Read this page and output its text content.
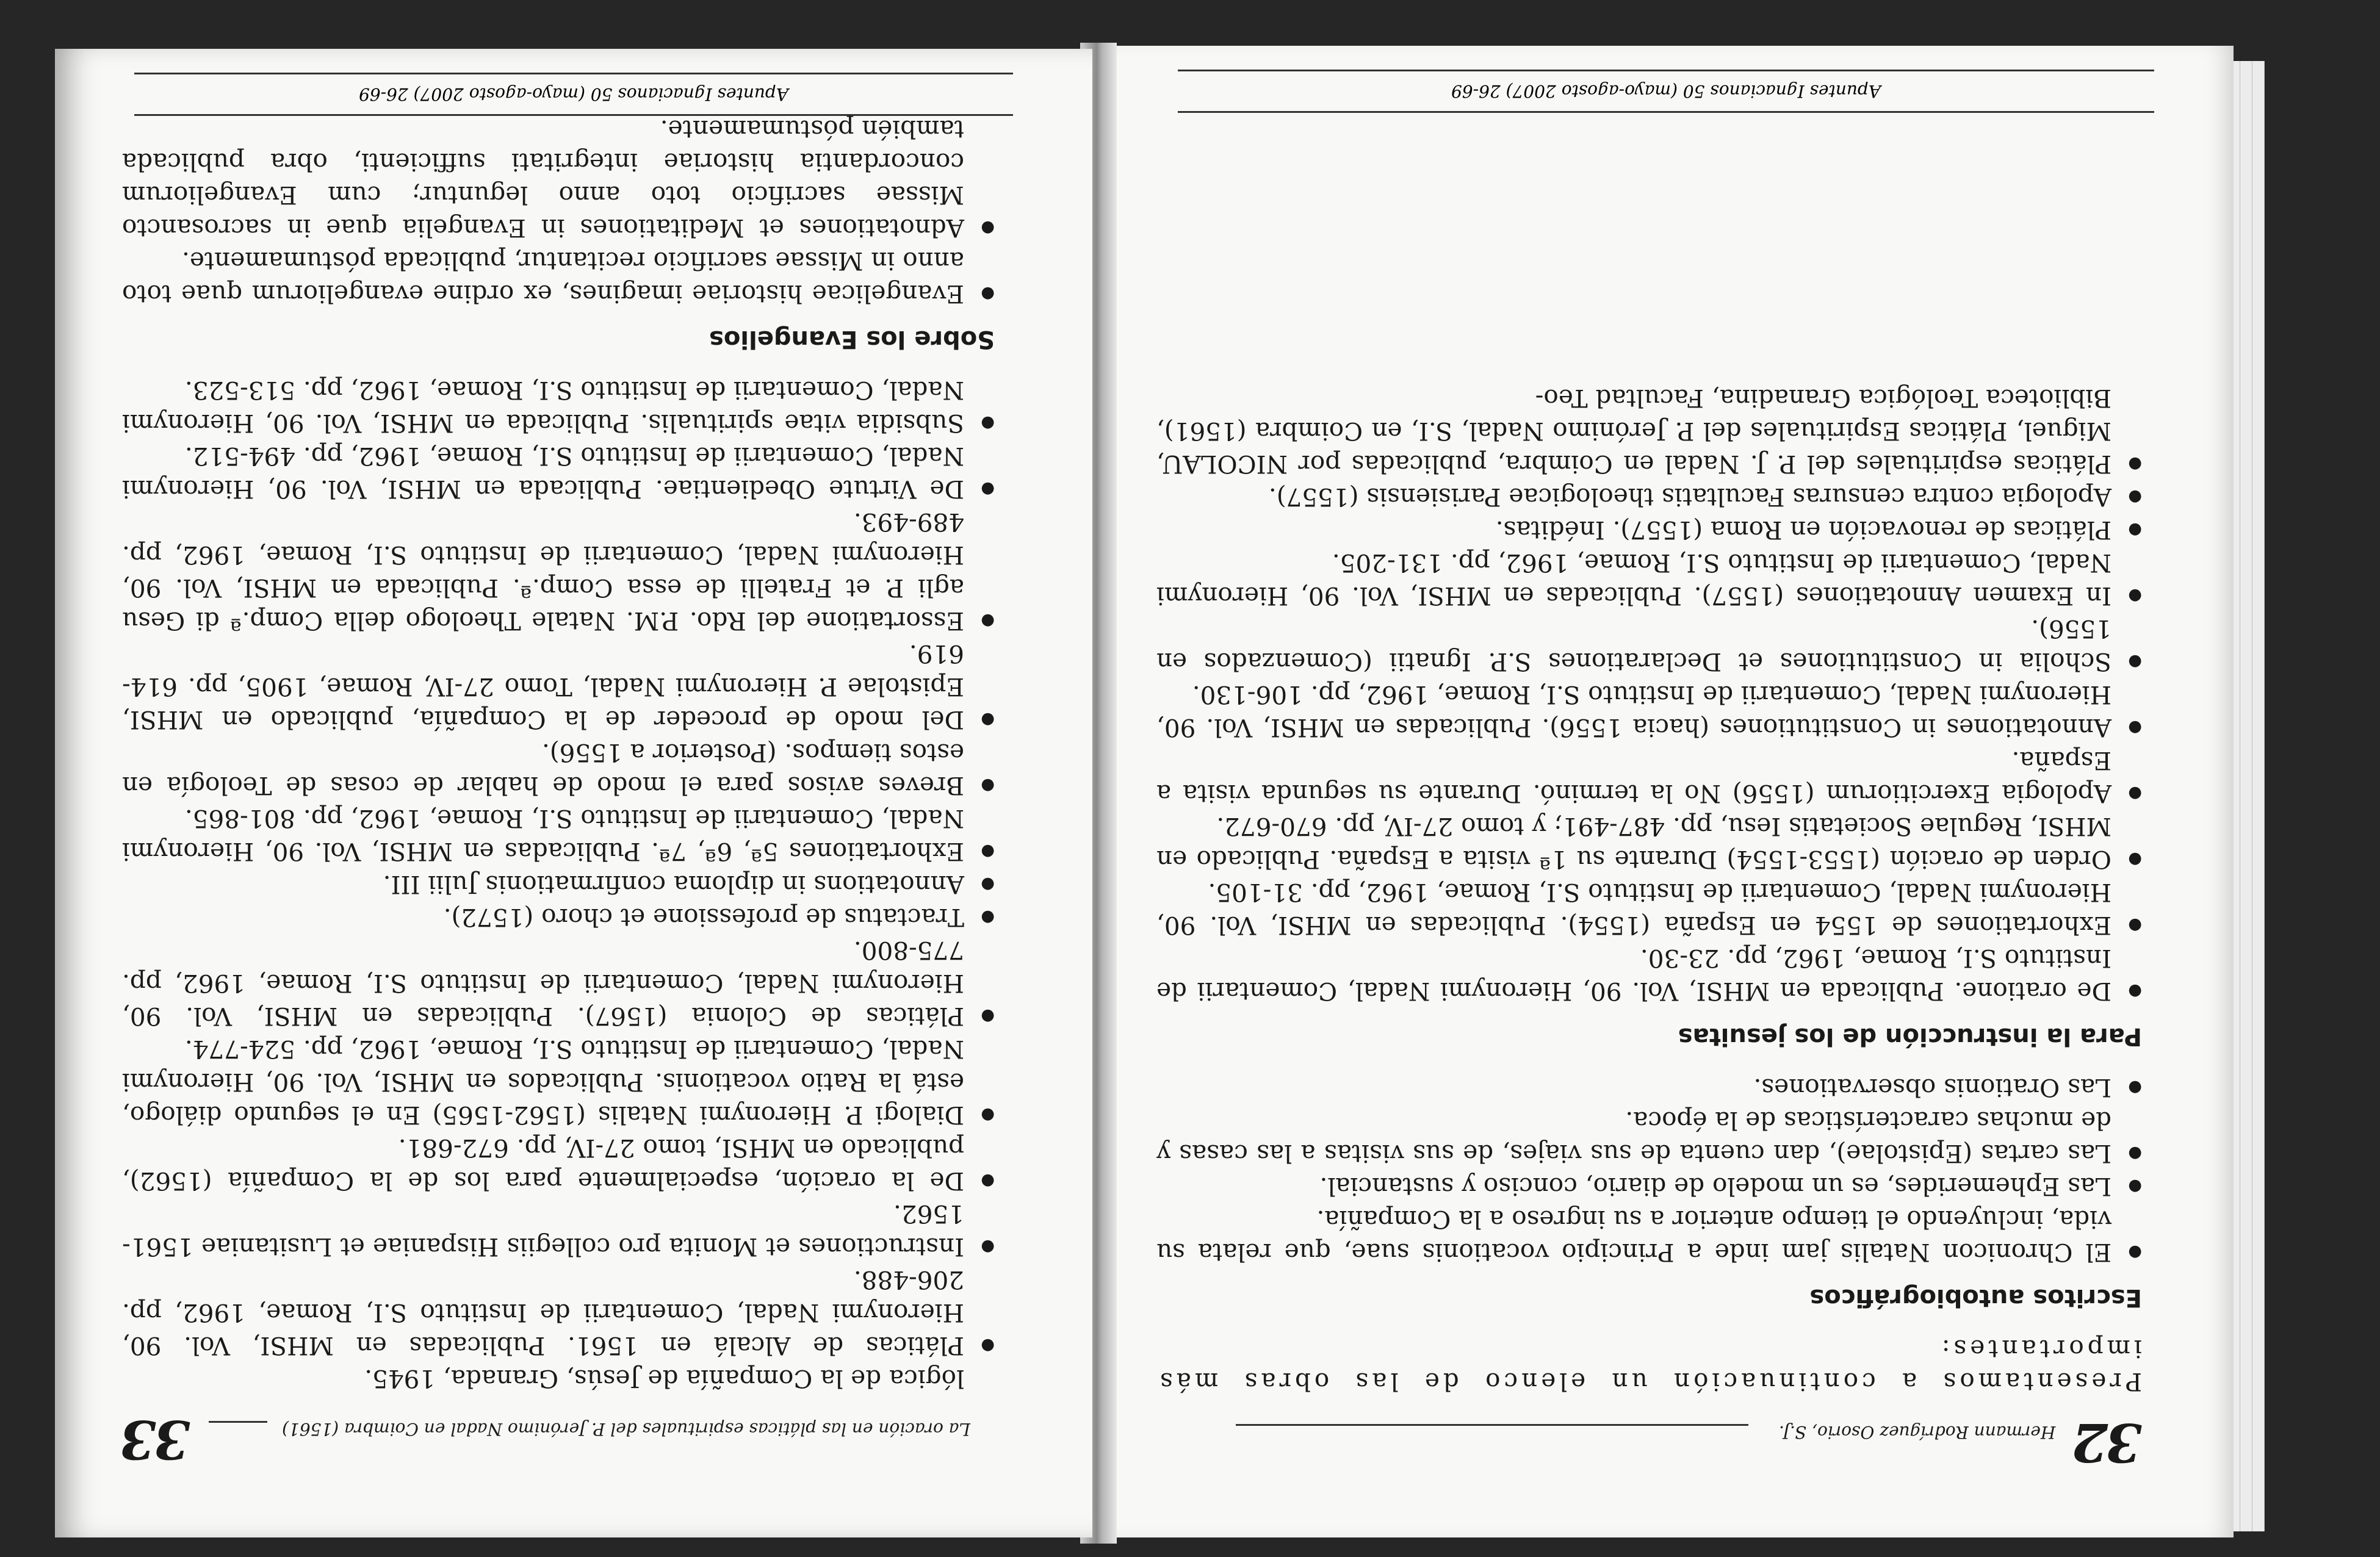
32
Hermann Rodríguez Osorio, S.J.

Presentamos a continuación un elenco de las obras más importantes:

Escritos autobiográficos
● El Chronicon Natalis jam inde a Principio vocationis suae, que relata su vida, incluyendo el tiempo anterior a su ingreso a la Compañía.
● Las Ephemerides, es un modelo de diario, conciso y sustancial.
● Las cartas (Epistolae), dan cuenta de sus viajes, de sus visitas a las casas y de muchas características de la época.
● Las Orationis observationes.
Para la instrucción de los jesuitas
● De oratione. Publicada en MHSI, Vol. 90, Hieronymi Nadal, Comentarii de Instituto S.I, Romae, 1962, pp. 23-30.
● Exhortationes de 1554 en España (1554). Publicadas en MHSI, Vol. 90, Hieronymi Nadal, Comentarii de Instituto S.I, Romae, 1962, pp. 31-105.
● Orden de oración (1553-1554) Durante su 1ª visita a España. Publicado en MHSI, Regulae Societatis Iesu, pp. 487-491; y tomo 27-IV, pp. 670-672.
● Apologia Exercitiorum (1556) No la terminó. Durante su segunda visita a España.
● Annotationes in Constitutiones (hacia 1556). Publicadas en MHSI, Vol. 90, Hieronymi Nadal, Comentarii de Instituto S.I, Romae, 1962, pp. 106-130.
● Scholia in Constitutiones et Declarationes S.P. Ignatii (Comenzados en 1556).
● In Examen Annotationes (1557). Publicadas en MHSI, Vol. 90, Hieronymi Nadal, Comentarii de Instituto S.I, Romae, 1962, pp. 131-205.
● Pláticas de renovación en Roma (1557). Inéditas.
● Apologia contra censuras Facultatis theologicae Parisiensis (1557).
● Pláticas espirituales del P. J. Nadal en Coimbra, publicadas por NICOLAU, Miguel, Pláticas Espirituales del P. Jerónimo Nadal, S.I, en Coimbra (1561), Biblioteca Teológica Granadina, Facultad Teo-
Apuntes Ignacianos 50 (mayo-agosto 2007) 26-69
La oración en las pláticas espirituales del P. Jerónimo Nadal en Coimbra (1561)
33
lógica de la Compañía de Jesús, Granada, 1945.
● Pláticas de Alcalá en 1561. Publicadas en MHSI, Vol. 90, Hieronymi Nadal, Comentarii de Instituto S.I, Romae, 1962, pp. 206-488.
● Instructiones et Monita pro collegiis Hispaniae et Lusitaniae 1561-1562.
● De la oración, especialmente para los de la Compañía (1562), publicado en MHSI, tomo 27-IV, pp. 672-681.
● Dialogi P. Hieronymi Natalis (1562-1565) En el segundo diálogo, está la Ratio vocationis. Publicados en MHSI, Vol. 90, Hieronymi Nadal, Comentarii de Instituto S.I, Romae, 1962, pp. 524-774.
● Pláticas de Colonia (1567). Publicadas en MHSI, Vol. 90, Hieronymi Nadal, Comentarii de Instituto S.I, Romae, 1962, pp. 775-800.
● Tractatus de professione et choro (1572).
● Annotations in diploma confirmationis Julii III.
● Exhortationes 5ª, 6ª, 7ª. Publicadas en MHSI, Vol. 90, Hieronymi Nadal, Comentarii de Instituto S.I, Romae, 1962, pp. 801-865.
● Breves avisos para el modo de hablar de cosas de Teología en estos tiempos. (Posterior a 1556).
● Del modo de proceder de la Compañía, publicado en MHSI, Epistolae P. Hieronymi Nadal, Tomo 27-IV, Romae, 1905, pp. 614-619.
● Essortatione del Rdo. P.M. Natale Theologo della Comp.ª di Gesu agli P. et Fratelli de essa Comp.ª. Publicada en MHSI, Vol. 90, Hieronymi Nadal, Comentarii de Instituto S.I, Romae, 1962, pp. 489-493.
● De Virtute Obedientiae. Publicada en MHSI, Vol. 90, Hieronymi Nadal, Comentarii de Instituto S.I, Romae, 1962, pp. 494-512.
● Subsidia vitae spiritualis. Publicada en MHSI, Vol. 90, Hieronymi Nadal, Comentarii de Instituto S.I, Romae, 1962, pp. 513-523.
Sobre los Evangelios
● Evangelicae historiae imagines, ex ordine evangeliorum quae toto anno in Missae sacrificio recitantur, publicada póstumamente.
● Adnotationes et Meditationes in Evangelia quae in sacrosancto Missae sacrificio toto anno leguntur; cum Evangeliorum concordantia historiae integritati sufficienti, obra publicada también póstumamente.
Apuntes Ignacianos 50 (mayo-agosto 2007) 26-69
